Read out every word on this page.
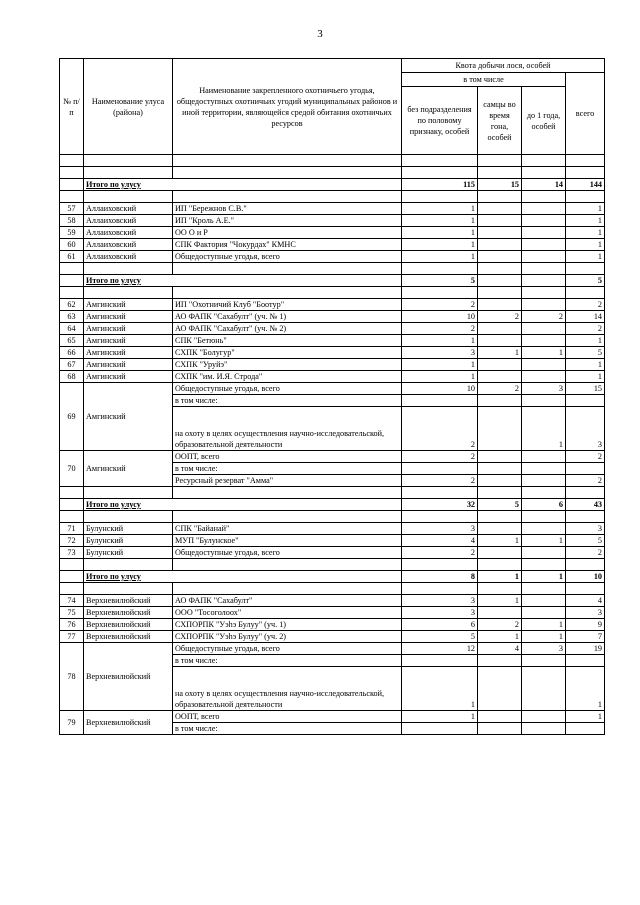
3
№ п/п	Наименование улуса (района)	Наименование закрепленного охотничьего угодья, общедоступных охотничьих угодий муниципальных районов и иной территории, являющейся средой обитания охотничьих ресурсов	Квота добычи лося, особей			
			в том числе			всего
			без подразделения по половому признаку, особей	самцы во время гона, особей	до 1 года, особей	

	Итого по улусу		115	15	14	144

57	Аллаиховский	ИП "Бережнов С.В."	1			1
58	Аллаиховский	ИП "Кроль А.Е."	1			1
59	Аллаиховский	ОО О и Р	1			1
60	Аллаиховский	СПК Фактория "Чокурдах" КМНС	1			1
61	Аллаиховский	Общедоступные угодья, всего	1			1

	Итого по улусу		5			5

62	Амгинский	ИП "Охотничий Клуб "Боотур"	2			2
63	Амгинский	АО ФАПК "Сахабулт" (уч. № 1)	10	2	2	14
64	Амгинский	АО ФАПК "Сахабулт" (уч. № 2)	2			2
65	Амгинский	СПК "Бетюнь"	1			1
66	Амгинский	СХПК "Болугур"	3	1	1	5
67	Амгинский	СХПК "Уруйэ"	1			1
68	Амгинский	СХПК "им. И.Я. Строда"	1			1
69	Амгинский	Общедоступные угодья, всего	10	2	3	15
		в том числе:				
		на охоту в целях осуществления научно-исследовательской, образовательной деятельности	2		1	3
70	Амгинский	ООПТ, всего	2			2
		в том числе:				
		Ресурсный резерват "Амма"	2			2

	Итого по улусу		32	5	6	43

71	Булунский	СПК "Байанай"	3			3
72	Булунский	МУП "Булунское"	4	1	1	5
73	Булунский	Общедоступные угодья, всего	2			2

	Итого по улусу		8	1	1	10

74	Верхневилюйский	АО ФАПК "Сахабулт"	3	1		4
75	Верхневилюйский	ООО "Тосоголоох"	3			3
76	Верхневилюйский	СХПОРПК "Уэhэ Булуу" (уч. 1)	6	2	1	9
77	Верхневилюйский	СХПОРПК "Уэhэ Булуу" (уч. 2)	5	1	1	7
78	Верхневилюйский	Общедоступные угодья, всего	12	4	3	19
		в том числе:				
		на охоту в целях осуществления научно-исследовательской, образовательной деятельности	1			1
79	Верхневилюйский	ООПТ, всего	1			1
		в том числе:				
